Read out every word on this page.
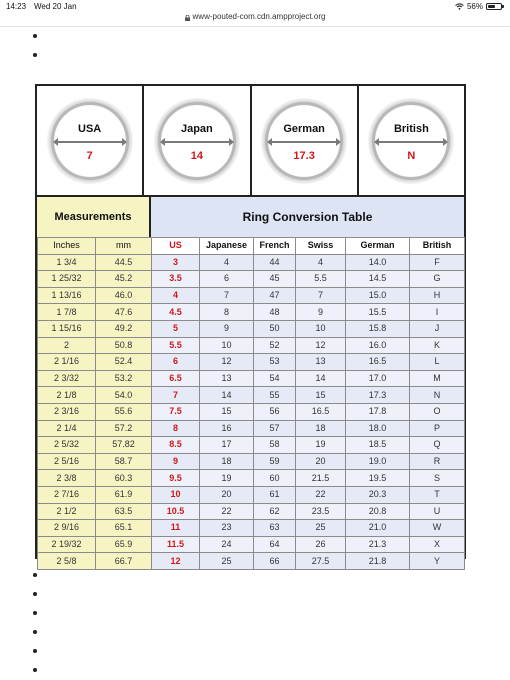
14:23 Wed 20 Jan	56%
www-pouted-com.cdn.ampproject.org
USA
7
Japan
14
German
17.3
British
N
Measurements	Ring Conversion Table
Inches	mm	US	Japanese	French	Swiss	German	British
1 3/4	44.5	3	4	44	4	14.0	F
1 25/32	45.2	3.5	6	45	5.5	14.5	G
1 13/16	46.0	4	7	47	7	15.0	H
1 7/8	47.6	4.5	8	48	9	15.5	I
1 15/16	49.2	5	9	50	10	15.8	J
2	50.8	5.5	10	52	12	16.0	K
2 1/16	52.4	6	12	53	13	16.5	L
2 3/32	53.2	6.5	13	54	14	17.0	M
2 1/8	54.0	7	14	55	15	17.3	N
2 3/16	55.6	7.5	15	56	16.5	17.8	O
2 1/4	57.2	8	16	57	18	18.0	P
2 5/32	57.82	8.5	17	58	19	18.5	Q
2 5/16	58.7	9	18	59	20	19.0	R
2 3/8	60.3	9.5	19	60	21.5	19.5	S
2 7/16	61.9	10	20	61	22	20.3	T
2 1/2	63.5	10.5	22	62	23.5	20.8	U
2 9/16	65.1	11	23	63	25	21.0	W
2 19/32	65.9	11.5	24	64	26	21.3	X
2 5/8	66.7	12	25	66	27.5	21.8	Y
